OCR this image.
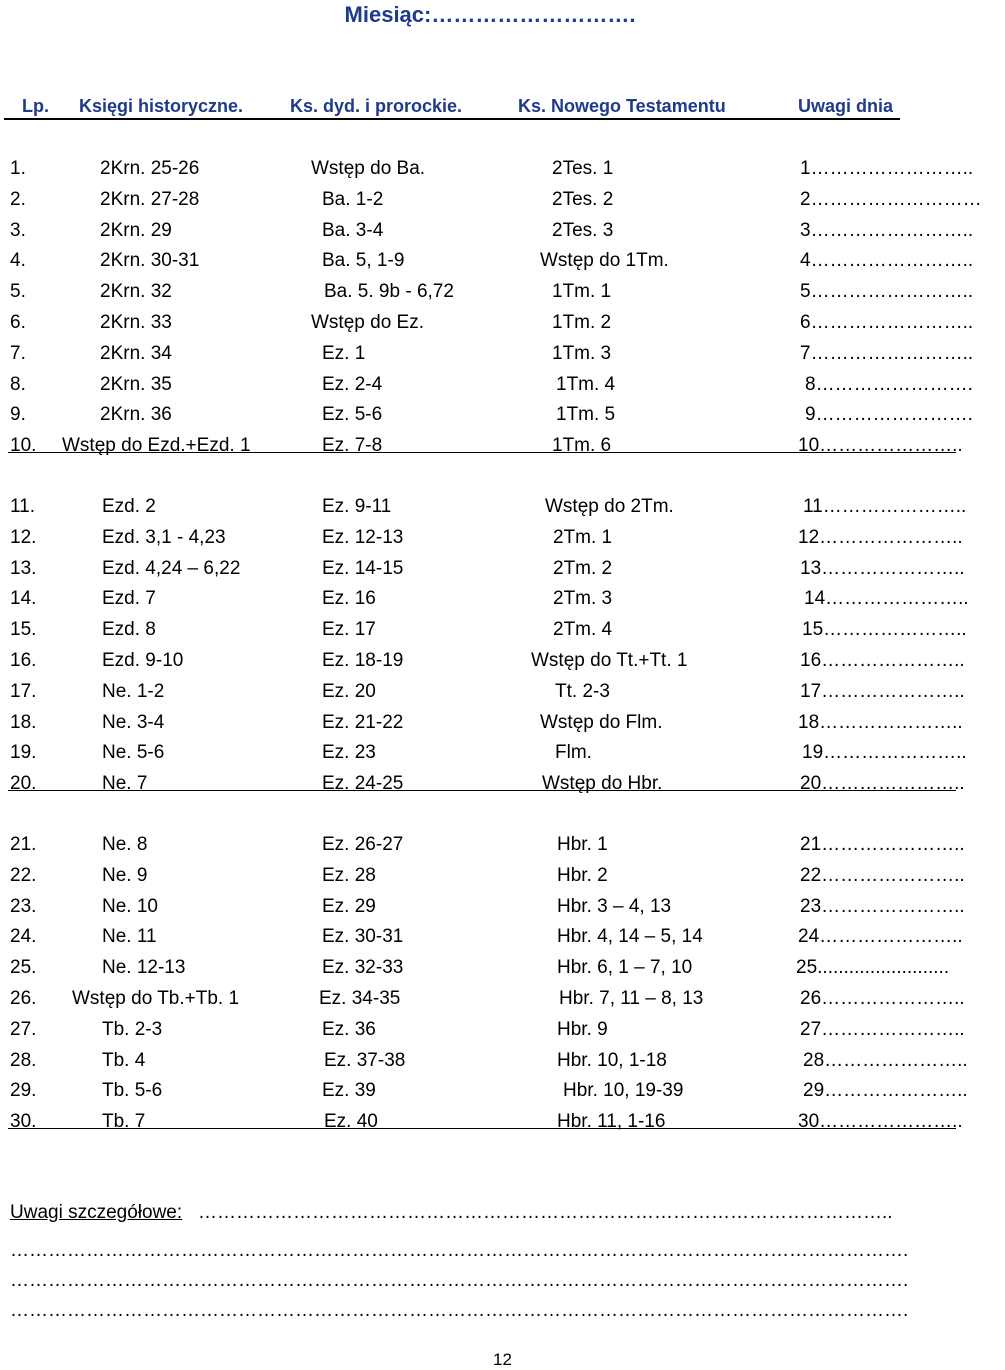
Miesiąc:……………………….
Lp. Księgi historyczne.	Ks. dyd. i prorockie.	Ks. Nowego Testamentu	Uwagi dnia
1.	2Krn. 25-26	Wstęp do Ba.	2Tes. 1	1……………………..
2.	2Krn. 27-28	Ba. 1-2	2Tes. 2	2………………………
3.	2Krn. 29	Ba. 3-4	2Tes. 3	3……………………..
4.	2Krn. 30-31	Ba. 5, 1-9	Wstęp do 1Tm.	4……………………..
5.	2Krn. 32	Ba. 5. 9b - 6,72	1Tm. 1	5……………………..
6.	2Krn. 33	Wstęp do Ez.	1Tm. 2	6……………………..
7.	2Krn. 34	Ez. 1	1Tm. 3	7……………………..
8.	2Krn. 35	Ez. 2-4	1Tm. 4	8…………………….
9.	2Krn. 36	Ez. 5-6	1Tm. 5	9…………………….
10. Wstęp do Ezd.+Ezd. 1	Ez. 7-8	1Tm. 6	10…………………..
11.	Ezd. 2	Ez. 9-11	Wstęp do 2Tm.	11…………………..
12.	Ezd. 3,1 - 4,23	Ez. 12-13	2Tm. 1	12…………………..
13.	Ezd. 4,24 – 6,22	Ez. 14-15	2Tm. 2	13…………………..
14.	Ezd. 7	Ez. 16	2Tm. 3	14…………………..
15.	Ezd. 8	Ez. 17	2Tm. 4	15…………………..
16.	Ezd. 9-10	Ez. 18-19	Wstęp do Tt.+Tt. 1	16…………………..
17.	Ne. 1-2	Ez. 20	Tt. 2-3	17…………………..
18.	Ne. 3-4	Ez. 21-22	Wstęp do Flm.	18…………………..
19.	Ne. 5-6	Ez. 23	Flm.	19…………………..
20.	Ne. 7	Ez. 24-25	Wstęp do Hbr.	20…………………..
21.	Ne. 8	Ez. 26-27	Hbr. 1	21…………………..
22.	Ne. 9	Ez. 28	Hbr. 2	22…………………..
23.	Ne. 10	Ez. 29	Hbr. 3 – 4, 13	23…………………..
24.	Ne. 11	Ez. 30-31	Hbr. 4, 14 – 5, 14	24…………………..
25.	Ne. 12-13	Ez. 32-33	Hbr. 6, 1 – 7, 10	25.........................
26. Wstęp do Tb.+Tb. 1	Ez. 34-35	Hbr. 7, 11 – 8, 13	26…………………..
27.	Tb. 2-3	Ez. 36	Hbr. 9	27…………………..
28.	Tb. 4	Ez. 37-38	Hbr. 10, 1-18	28…………………..
29.	Tb. 5-6	Ez. 39	Hbr. 10, 19-39	29…………………..
30.	Tb. 7	Ez. 40	Hbr. 11, 1-16	30…………………..
Uwagi szczegółowe: ………………………………………………………………………………………………..
…………………………………………………………………………………………………………………………….
…………………………………………………………………………………………………………………………….
…………………………………………………………………………………………………………………………….
12
